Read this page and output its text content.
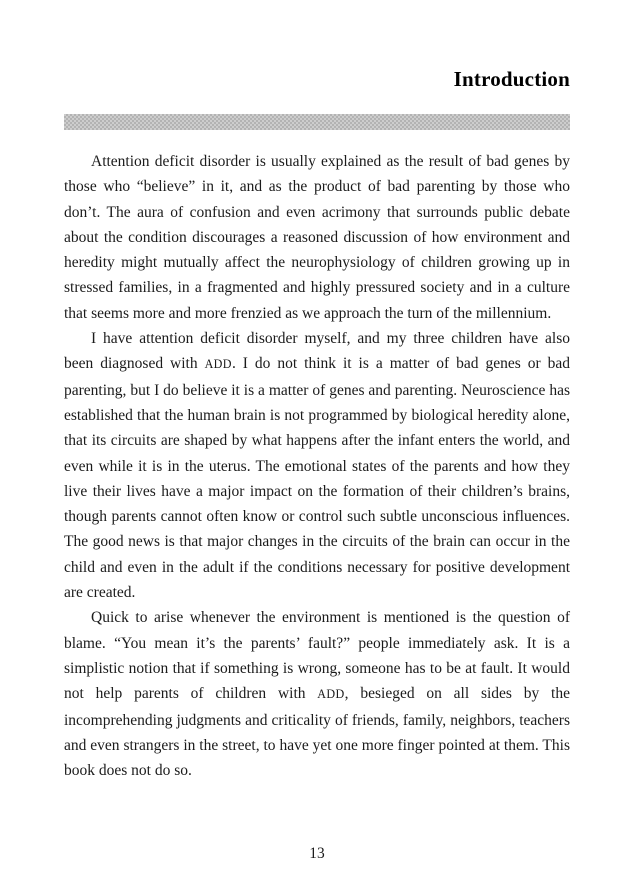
Introduction

Attention deficit disorder is usually explained as the result of bad genes by those who “believe” in it, and as the product of bad parenting by those who don’t. The aura of confusion and even acrimony that surrounds public debate about the condition discourages a reasoned discussion of how environment and heredity might mutually affect the neurophysiology of children growing up in stressed families, in a fragmented and highly pressured society and in a culture that seems more and more frenzied as we approach the turn of the millennium.

I have attention deficit disorder myself, and my three children have also been diagnosed with ADD. I do not think it is a matter of bad genes or bad parenting, but I do believe it is a matter of genes and parenting. Neuroscience has established that the human brain is not programmed by biological heredity alone, that its circuits are shaped by what happens after the infant enters the world, and even while it is in the uterus. The emotional states of the parents and how they live their lives have a major impact on the formation of their children’s brains, though parents cannot often know or control such subtle unconscious influences. The good news is that major changes in the circuits of the brain can occur in the child and even in the adult if the conditions necessary for positive development are created.

Quick to arise whenever the environment is mentioned is the question of blame. “You mean it’s the parents’ fault?” people immediately ask. It is a simplistic notion that if something is wrong, someone has to be at fault. It would not help parents of children with ADD, besieged on all sides by the incomprehending judgments and criticality of friends, family, neighbors, teachers and even strangers in the street, to have yet one more finger pointed at them. This book does not do so.

13
